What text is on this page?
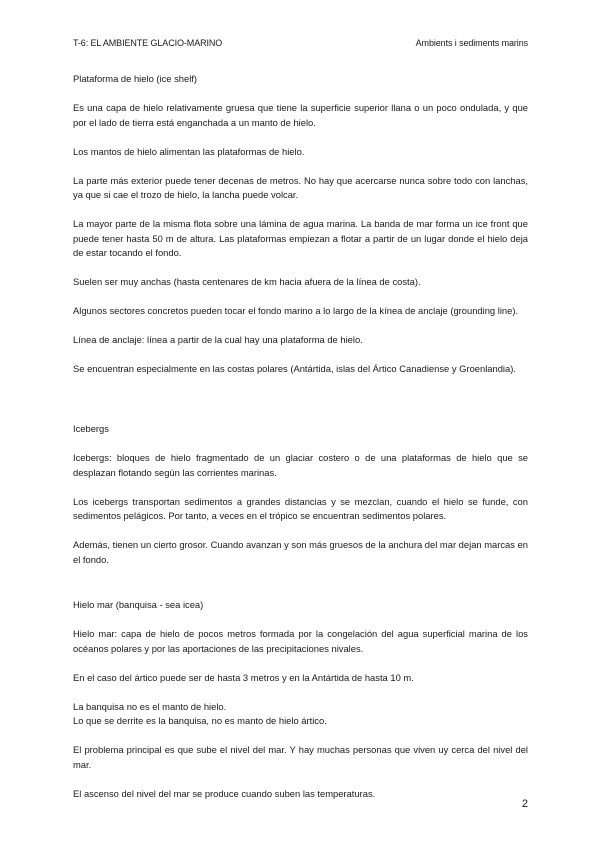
T-6: EL AMBIENTE GLACIO-MARINO	Ambients i sediments marins
Plataforma de hielo (ice shelf)

Es una capa de hielo relativamente gruesa que tiene la superficie superior llana o un poco ondulada, y que por el lado de tierra está enganchada a un manto de hielo.

Los mantos de hielo alimentan las plataformas de hielo.

La parte más exterior puede tener decenas de metros. No hay que acercarse nunca sobre todo con lanchas, ya que si cae el trozo de hielo, la lancha puede volcar.

La mayor parte de la misma flota sobre una lámina de agua marina. La banda de mar forma un ice front que puede tener hasta 50 m de altura. Las plataformas empiezan a flotar a partir de un lugar donde el hielo deja de estar tocando el fondo.

Suelen ser muy anchas (hasta centenares de km hacia afuera de la línea de costa).

Algunos sectores concretos pueden tocar el fondo marino a lo largo de la kínea de anclaje (grounding line).

Línea de anclaje: línea a partir de la cual hay una plataforma de hielo.

Se encuentran especialmente en las costas polares (Antártida, islas del Ártico Canadiense y Groenlandia).

Icebergs

Icebergs: bloques de hielo fragmentado de un glaciar costero o de una plataformas de hielo que se desplazan flotando según las corrientes marinas.

Los icebergs transportan sedimentos a grandes distancias y se mezclan, cuando el hielo se funde, con sedimentos pelágicos. Por tanto, a veces en el trópico se encuentran sedimentos polares.

Además, tienen un cierto grosor. Cuando avanzan y son más gruesos de la anchura del mar dejan marcas en el fondo.

Hielo mar (banquisa - sea icea)

Hielo mar: capa de hielo de pocos metros formada por la congelación del agua superficial marina de los océanos polares y por las aportaciones de las precipitaciones nivales.

En el caso del ártico puede ser de hasta 3 metros y en la Antártida de hasta 10 m.

La banquisa no es el manto de hielo.

Lo que se derrite es la banquisa, no es manto de hielo ártico.

El problema principal es que sube el nivel del mar. Y hay muchas personas que viven uy cerca del nivel del mar.

El ascenso del nivel del mar se produce cuando suben las temperaturas.

2
